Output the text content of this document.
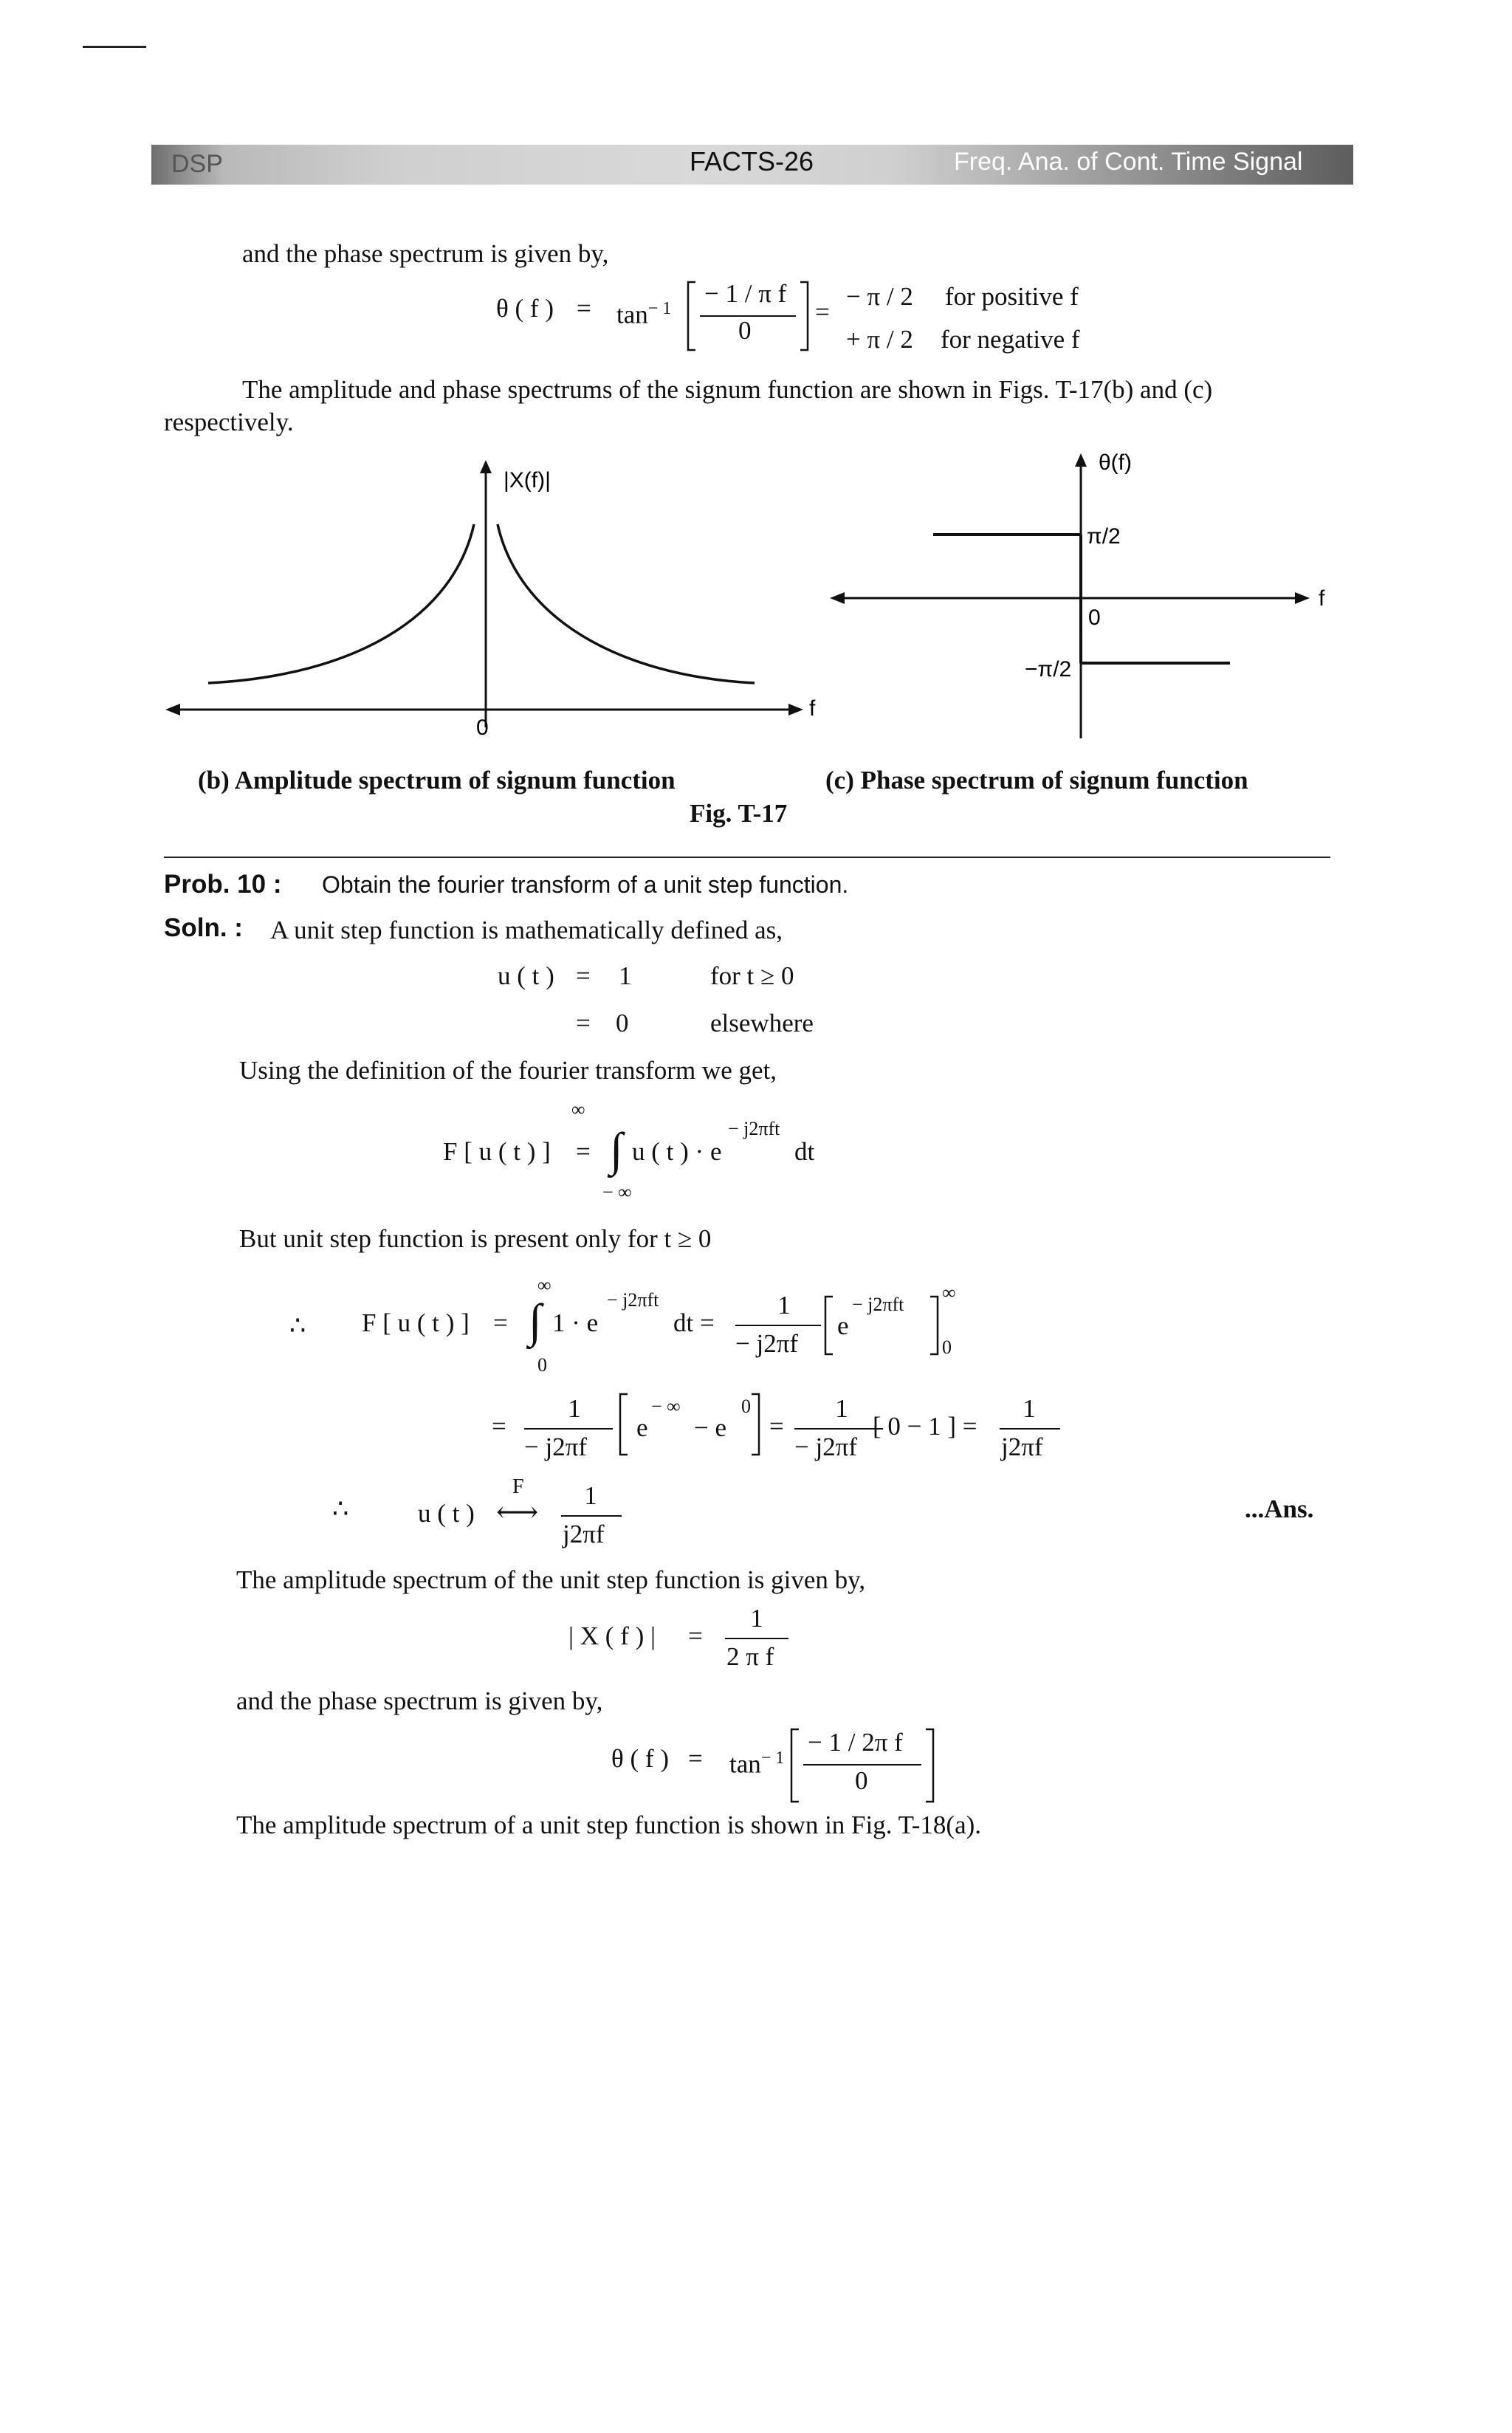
DSP	FACTS-26	Freq. Ana. of Cont. Time Signal
and the phase spectrum is given by,
θ ( f ) = $\tan^{- 1}$
− 1 / π f
0
=
− π / 2 for positive f
+ π / 2 for negative f
The amplitude and phase spectrums of the signum function are shown in Figs. T-17(b) and (c) respectively.
|X(f)|
f
0
θ(f)
f
0
π/2
−π/2
(b) Amplitude spectrum of signum function	(c) Phase spectrum of signum function
Fig. T-17
Prob. 10 : Obtain the fourier transform of a unit step function.
Soln. : A unit step function is mathematically defined as,
u ( t ) = 1	for t ≥ 0
= 0	elsewhere
Using the definition of the fourier transform we get,
∞
F [ u ( t ) ] = ∫ u ( t ) · e
− j2πft
dt
− ∞
But unit step function is present only for t ≥ 0
∞
∴ F [ u ( t ) ] = ∫ 1 · e
− j2πft
dt =
1
− j2πf
e
− j2πft
∞
0
0
=
1
− j2πf
e
− ∞
− e
0
=
1
− j2πf
[ 0 − 1 ] =
1
j2πf
∴	u ( t )
F
⟷	1
j2πf
...Ans.
The amplitude spectrum of the unit step function is given by,
| X ( f ) | =
1
2 π f
and the phase spectrum is given by,
θ ( f ) = $\tan^{- 1}$
− 1 / 2π f
0
The amplitude spectrum of a unit step function is shown in Fig. T-18(a).
